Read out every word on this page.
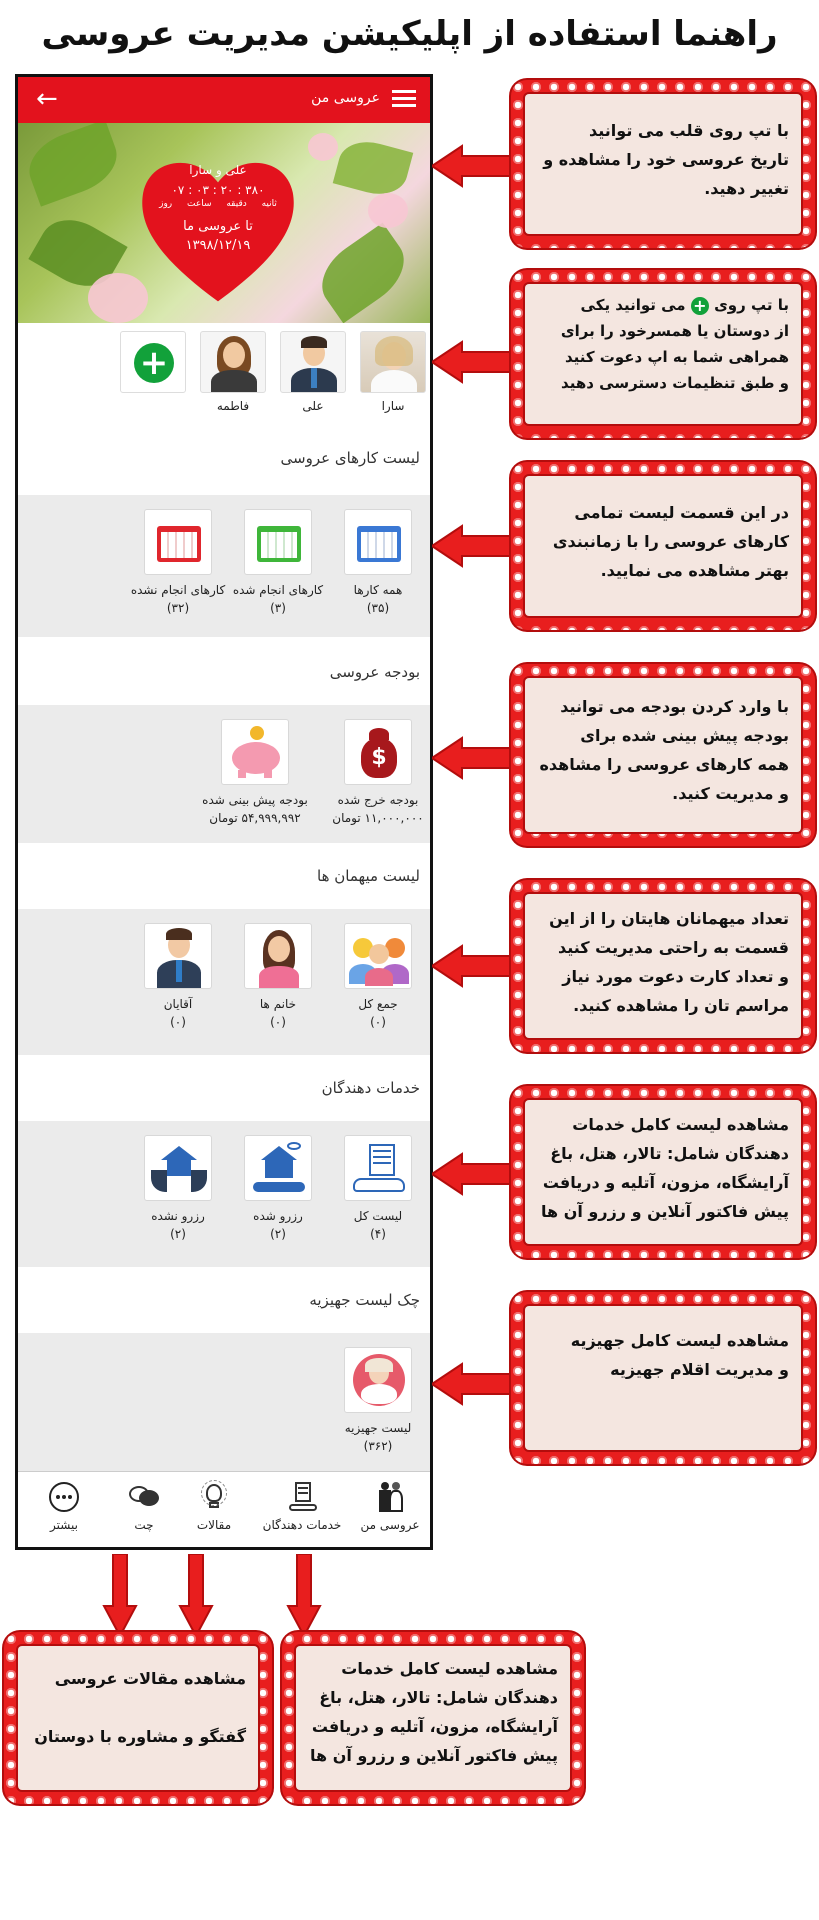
راهنما استفاده از اپلیکیشن مدیریت عروسی
عروسی من
←
علی و سارا
۰۷ : ۰۳ : ۲۰ : ۳۸۰
ثانیه دقیقه ساعت روز
تا عروسی ما
۱۳۹۸/۱۲/۱۹
سارا
علی
فاطمه
+
لیست کارهای عروسی
همه کارها
(۳۵)
کارهای انجام شده
(۳)
کارهای انجام نشده
(۳۲)
بودجه عروسی
$
بودجه خرج شده
۱۱,۰۰۰,۰۰۰ تومان
بودجه پیش بینی شده
۵۴,۹۹۹,۹۹۲ تومان
لیست میهمان ها
جمع کل
(۰)
خانم ها
(۰)
آقایان
(۰)
خدمات دهندگان
لیست کل
(۴)
رزرو شده
(۲)
رزرو نشده
(۲)
چک لیست جهیزیه
لیست جهیزیه
(۳۶۲)
عروسی من
خدمات دهندگان
مقالات
چت
بیشتر
با تپ روی قلب می توانید
تاریخ عروسی خود را مشاهده و
تغییر دهید.
با تپ روی + می توانید یکی
از دوستان یا همسرخود را برای
همراهی شما به اپ دعوت کنید
و طبق تنظیمات دسترسی دهید
در این قسمت لیست تمامی
کارهای عروسی را با زمانبندی
بهتر مشاهده می نمایید.
با وارد کردن بودجه می توانید
بودجه پیش بینی شده برای
همه کارهای عروسی را مشاهده
و مدیریت کنید.
تعداد میهمانان هایتان را از این
قسمت به راحتی مدیریت کنید
و تعداد کارت دعوت مورد نیاز
مراسم تان را مشاهده کنید.
مشاهده لیست کامل خدمات
دهندگان شامل: تالار، هتل، باغ
آرایشگاه، مزون، آتلیه و دریافت
پیش فاکتور آنلاین و رزرو آن ها
مشاهده لیست کامل جهیزیه
و مدیریت اقلام جهیزیه
مشاهده مقالات عروسی
گفتگو و مشاوره با دوستان
مشاهده لیست کامل خدمات
دهندگان شامل: تالار، هتل، باغ
آرایشگاه، مزون، آتلیه و دریافت
پیش فاکتور آنلاین و رزرو آن ها
